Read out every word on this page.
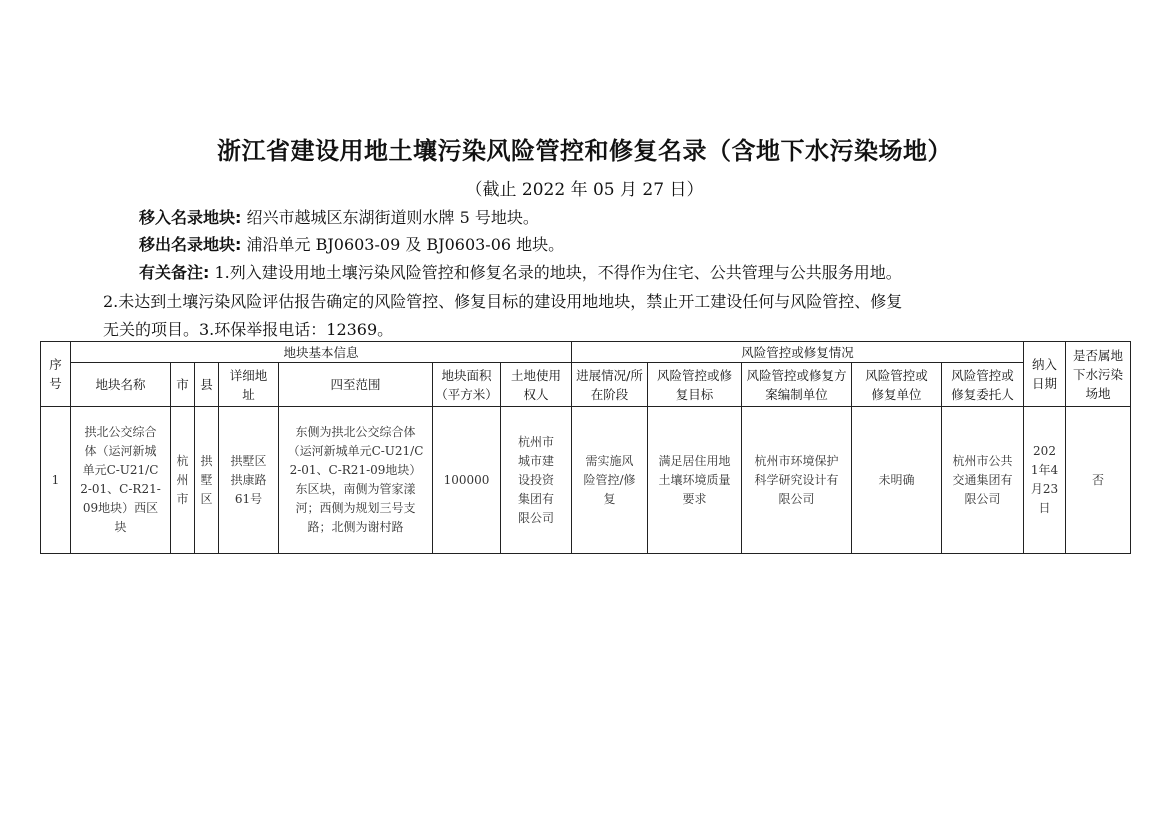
浙江省建设用地土壤污染风险管控和修复名录（含地下水污染场地）
（截止 2022 年 05 月 27 日）
移入名录地块: 绍兴市越城区东湖街道则水牌 5 号地块。
移出名录地块: 浦沿单元 BJ0603-09 及 BJ0603-06 地块。
有关备注: 1.列入建设用地土壤污染风险管控和修复名录的地块，不得作为住宅、公共管理与公共服务用地。
2.未达到土壤污染风险评估报告确定的风险管控、修复目标的建设用地地块，禁止开工建设任何与风险管控、修复
无关的项目。3.环保举报电话：12369。
序号	地块基本信息							风险管控或修复情况					纳入日期	是否属地下水污染场地
	地块名称	市	县	详细地址	四至范围	地块面积（平方米）	土地使用权人	进展情况/所在阶段	风险管控或修复目标	风险管控或修复方案编制单位	风险管控或修复单位	风险管控或修复委托人		
1	拱北公交综合体（运河新城单元C-U21/C2-01、C-R21-09地块）西区块	杭州市	拱墅区	拱墅区拱康路61号	东侧为拱北公交综合体（运河新城单元C-U21/C2-01、C-R21-09地块）东区块，南侧为管家漾河；西侧为规划三号支路；北侧为谢村路	100000	杭州市城市建设投资集团有限公司	需实施风险管控/修复	满足居住用地土壤环境质量要求	杭州市环境保护科学研究设计有限公司	未明确	杭州市公共交通集团有限公司	2021年4月23日	否
